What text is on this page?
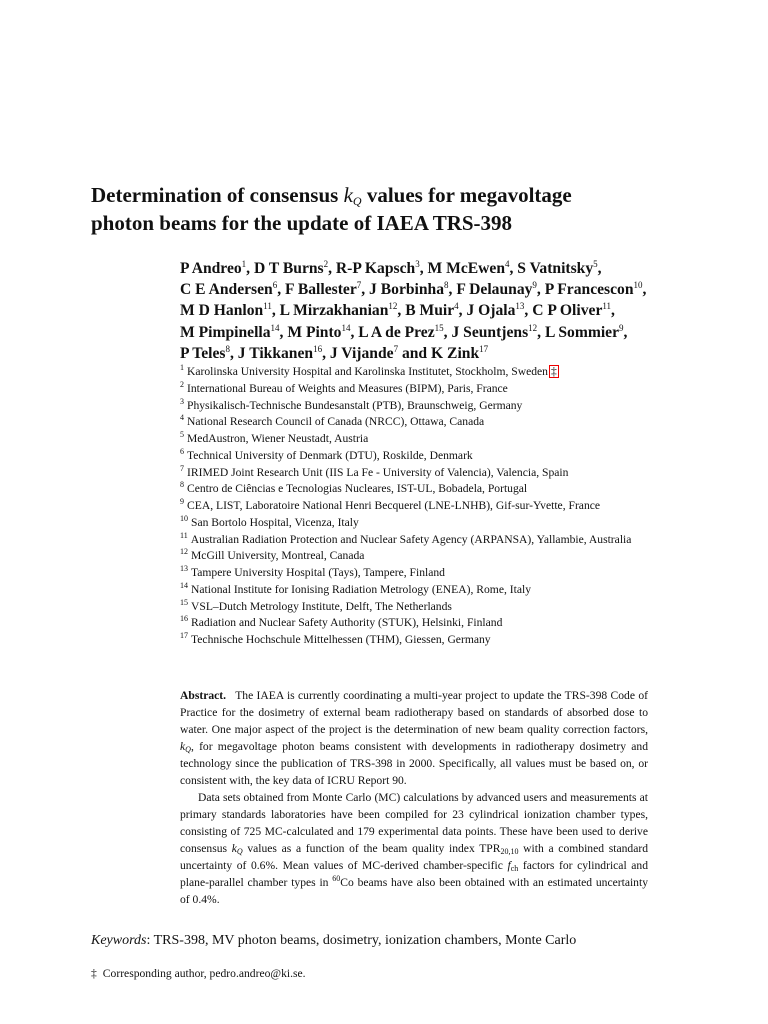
Determination of consensus $k_Q$ values for megavoltage
photon beams for the update of IAEA TRS-398
P Andreo$^1$, D T Burns$^2$, R-P Kapsch$^3$, M McEwen$^4$, S Vatnitsky$^5$,
C E Andersen$^6$, F Ballester$^7$, J Borbinha$^8$, F Delaunay$^9$, P Francescon$^{10}$,
M D Hanlon$^{11}$, L Mirzakhanian$^{12}$, B Muir$^4$, J Ojala$^{13}$, C P Oliver$^{11}$,
M Pimpinella$^{14}$, M Pinto$^{14}$, L A de Prez$^{15}$, J Seuntjens$^{12}$, L Sommier$^9$,
P Teles$^8$, J Tikkanen$^{16}$, J Vijande$^7$ and K Zink$^{17}$
$^1$ Karolinska University Hospital and Karolinska Institutet, Stockholm, Sweden ‡
$^2$ International Bureau of Weights and Measures (BIPM), Paris, France
$^3$ Physikalisch-Technische Bundesanstalt (PTB), Braunschweig, Germany
$^4$ National Research Council of Canada (NRCC), Ottawa, Canada
$^5$ MedAustron, Wiener Neustadt, Austria
$^6$ Technical University of Denmark (DTU), Roskilde, Denmark
$^7$ IRIMED Joint Research Unit (IIS La Fe - University of Valencia), Valencia, Spain
$^8$ Centro de Ciências e Tecnologias Nucleares, IST-UL, Bobadela, Portugal
$^9$ CEA, LIST, Laboratoire National Henri Becquerel (LNE-LNHB), Gif-sur-Yvette, France
$^{10}$ San Bortolo Hospital, Vicenza, Italy
$^{11}$ Australian Radiation Protection and Nuclear Safety Agency (ARPANSA), Yallambie, Australia
$^{12}$ McGill University, Montreal, Canada
$^{13}$ Tampere University Hospital (Tays), Tampere, Finland
$^{14}$ National Institute for Ionising Radiation Metrology (ENEA), Rome, Italy
$^{15}$ VSL–Dutch Metrology Institute, Delft, The Netherlands
$^{16}$ Radiation and Nuclear Safety Authority (STUK), Helsinki, Finland
$^{17}$ Technische Hochschule Mittelhessen (THM), Giessen, Germany

Abstract. The IAEA is currently coordinating a multi-year project to update the TRS-398 Code of Practice for the dosimetry of external beam radiotherapy based on standards of absorbed dose to water. One major aspect of the project is the determination of new beam quality correction factors, $k_Q$, for megavoltage photon beams consistent with developments in radiotherapy dosimetry and technology since the publication of TRS-398 in 2000. Specifically, all values must be based on, or consistent with, the key data of ICRU Report 90.

Data sets obtained from Monte Carlo (MC) calculations by advanced users and measurements at primary standards laboratories have been compiled for 23 cylindrical ionization chamber types, consisting of 725 MC-calculated and 179 experimental data points. These have been used to derive consensus $k_Q$ values as a function of the beam quality index $TPR_{20,10}$ with a combined standard uncertainty of 0.6%. Mean values of MC-derived chamber-specific $f_{ch}$ factors for cylindrical and plane-parallel chamber types in $^{60}$Co beams have also been obtained with an estimated uncertainty of 0.4%.

Keywords: TRS-398, MV photon beams, dosimetry, ionization chambers, Monte Carlo
‡ Corresponding author, pedro.andreo@ki.se.
